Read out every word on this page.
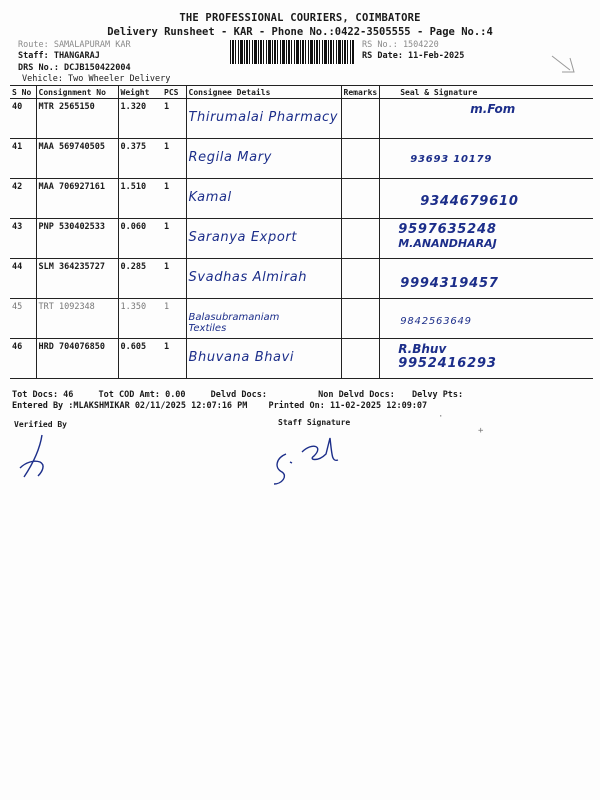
THE PROFESSIONAL COURIERS, COIMBATORE
Delivery Runsheet - KAR - Phone No.:0422-3505555 - Page No.:4
Route: SAMALAPURAM KAR
Staff: THANGARAJ
DRS No.: DCJB150422004
Vehicle: Two Wheeler Delivery
RS No.: 1504220
RS Date: 11-Feb-2025
S No	Consignment No	Weight	PCS	Consignee Details	Remarks	Seal & Signature
40	MTR 2565150	1.320	1	Thirumalai Pharmacy		m.Fom
41	MAA 569740505	0.375	1	Regila Mary		93693 10179

42	MAA 706927161	1.510	1	Kamal		9344679610

43	PNP 530402533	0.060	1	Saranya Export		9597635248
M.ANANDHARAJ
44	SLM 364235727	0.285	1	Svadhas Almirah		9994319457

45	TRT 1092348	1.350	1	Balasubramaniam Textiles		9842563649

46	HRD 704076850	0.605	1	Bhuvana Bhavi		R.Bhuv
9952416293
Tot Docs: 46	Tot COD Amt: 0.00	Delvd Docs:	Non Delvd Docs: Delvy Pts:
Entered By :MLAKSHMIKAR 02/11/2025 12:07:16 PM Printed On: 11-02-2025 12:09:07
Verified By	Staff Signature
+
·
